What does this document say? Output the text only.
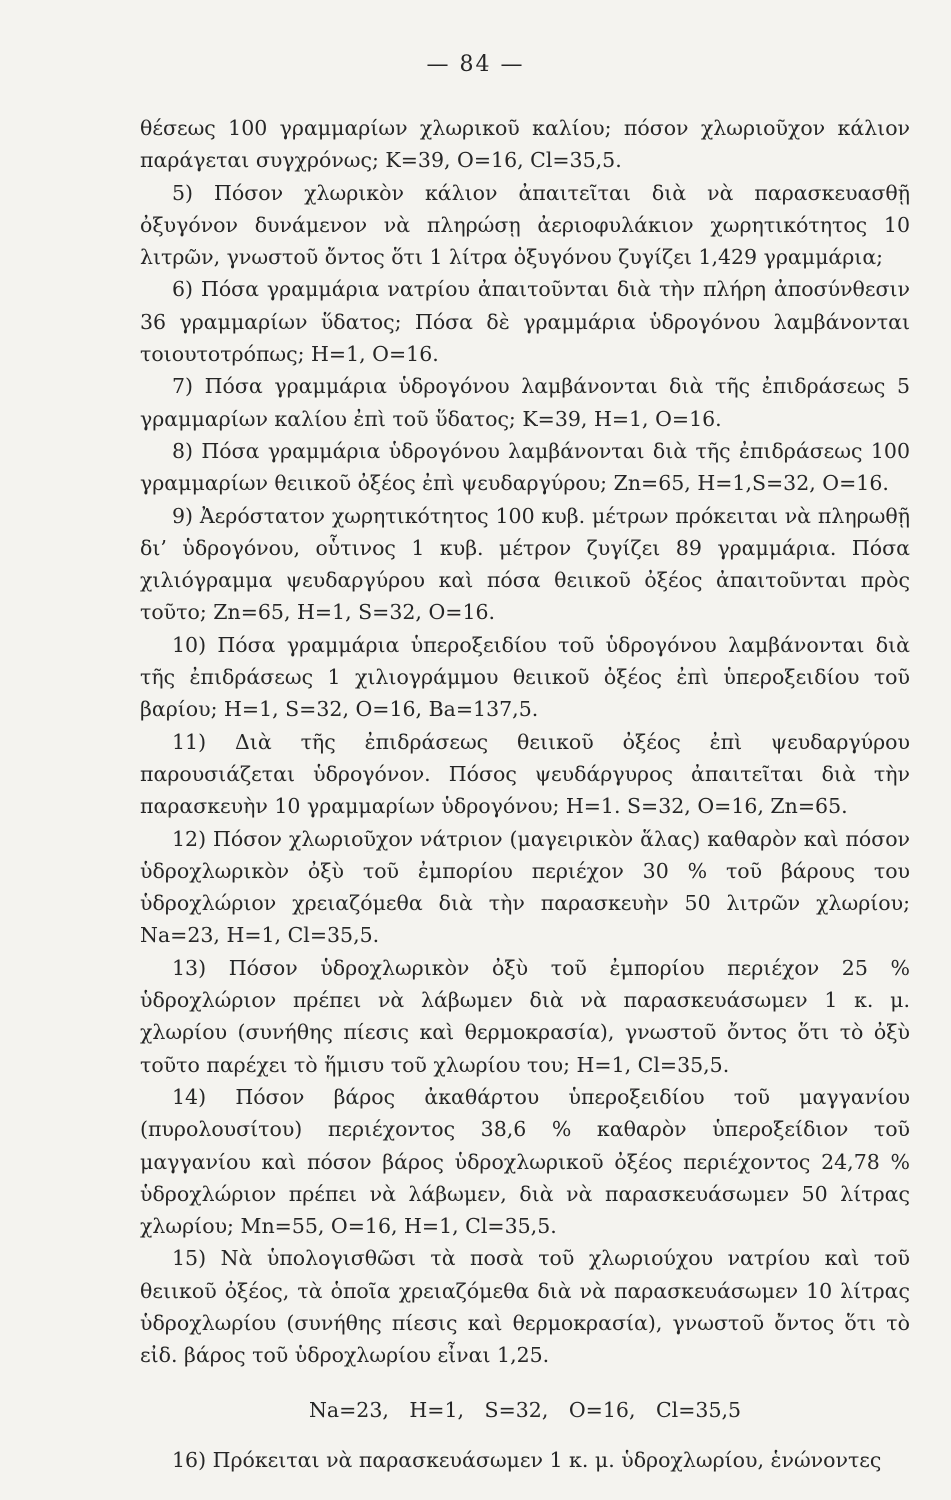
— 84 —

θέσεως 100 γραμμαρίων χλωρικοῦ καλίου; πόσον χλωριοῦχον κάλιον παράγεται συγχρόνως; K=39, O=16, Cl=35,5.

5) Πόσον χλωρικὸν κάλιον ἀπαιτεῖται διὰ νὰ παρασκευασθῇ ὀξυγόνον δυνάμενον νὰ πληρώσῃ ἀεριοφυλάκιον χωρητικότητος 10 λιτρῶν, γνωστοῦ ὄντος ὅτι 1 λίτρα ὀξυγόνου ζυγίζει 1,429 γραμμάρια;

6) Πόσα γραμμάρια νατρίου ἀπαιτοῦνται διὰ τὴν πλήρη ἀποσύνθεσιν 36 γραμμαρίων ὕδατος; Πόσα δὲ γραμμάρια ὑδρογόνου λαμβάνονται τοιουτοτρόπως; H=1, O=16.

7) Πόσα γραμμάρια ὑδρογόνου λαμβάνονται διὰ τῆς ἐπιδράσεως 5 γραμμαρίων καλίου ἐπὶ τοῦ ὕδατος; K=39, H=1, O=16.

8) Πόσα γραμμάρια ὑδρογόνου λαμβάνονται διὰ τῆς ἐπιδράσεως 100 γραμμαρίων θειικοῦ ὀξέος ἐπὶ ψευδαργύρου; Zn=65, H=1,S=32, O=16.

9) Ἀερόστατον χωρητικότητος 100 κυβ. μέτρων πρόκειται νὰ πληρωθῇ δι’ ὑδρογόνου, οὗτινος 1 κυβ. μέτρον ζυγίζει 89 γραμμάρια. Πόσα χιλιόγραμμα ψευδαργύρου καὶ πόσα θειικοῦ ὀξέος ἀπαιτοῦνται πρὸς τοῦτο; Zn=65, H=1, S=32, O=16.

10) Πόσα γραμμάρια ὑπεροξειδίου τοῦ ὑδρογόνου λαμβάνονται διὰ τῆς ἐπιδράσεως 1 χιλιογράμμου θειικοῦ ὀξέος ἐπὶ ὑπεροξειδίου τοῦ βαρίου; H=1, S=32, O=16, Ba=137,5.

11) Διὰ τῆς ἐπιδράσεως θειικοῦ ὀξέος ἐπὶ ψευδαργύρου παρουσιάζεται ὑδρογόνον. Πόσος ψευδάργυρος ἀπαιτεῖται διὰ τὴν παρασκευὴν 10 γραμμαρίων ὑδρογόνου; H=1. S=32, O=16, Zn=65.

12) Πόσον χλωριοῦχον νάτριον (μαγειρικὸν ἅλας) καθαρὸν καὶ πόσον ὑδροχλωρικὸν ὀξὺ τοῦ ἐμπορίου περιέχον 30 % τοῦ βάρους του ὑδροχλώριον χρειαζόμεθα διὰ τὴν παρασκευὴν 50 λιτρῶν χλωρίου; Na=23, H=1, Cl=35,5.

13) Πόσον ὑδροχλωρικὸν ὀξὺ τοῦ ἐμπορίου περιέχον 25 % ὑδροχλώριον πρέπει νὰ λάβωμεν διὰ νὰ παρασκευάσωμεν 1 κ. μ. χλωρίου (συνήθης πίεσις καὶ θερμοκρασία), γνωστοῦ ὄντος ὅτι τὸ ὀξὺ τοῦτο παρέχει τὸ ἥμισυ τοῦ χλωρίου του; H=1, Cl=35,5.

14) Πόσον βάρος ἀκαθάρτου ὑπεροξειδίου τοῦ μαγγανίου (πυρολουσίτου) περιέχοντος 38,6 % καθαρὸν ὑπεροξείδιον τοῦ μαγγανίου καὶ πόσον βάρος ὑδροχλωρικοῦ ὀξέος περιέχοντος 24,78 % ὑδροχλώριον πρέπει νὰ λάβωμεν, διὰ νὰ παρασκευάσωμεν 50 λίτρας χλωρίου; Mn=55, O=16, H=1, Cl=35,5.

15) Νὰ ὑπολογισθῶσι τὰ ποσὰ τοῦ χλωριούχου νατρίου καὶ τοῦ θειικοῦ ὀξέος, τὰ ὁποῖα χρειαζόμεθα διὰ νὰ παρασκευάσωμεν 10 λίτρας ὑδροχλωρίου (συνήθης πίεσις καὶ θερμοκρασία), γνωστοῦ ὄντος ὅτι τὸ εἰδ. βάρος τοῦ ὑδροχλωρίου εἶναι 1,25.

Na=23, H=1, S=32, O=16, Cl=35,5

16) Πρόκειται νὰ παρασκευάσωμεν 1 κ. μ. ὑδροχλωρίου, ἑνώνοντες
